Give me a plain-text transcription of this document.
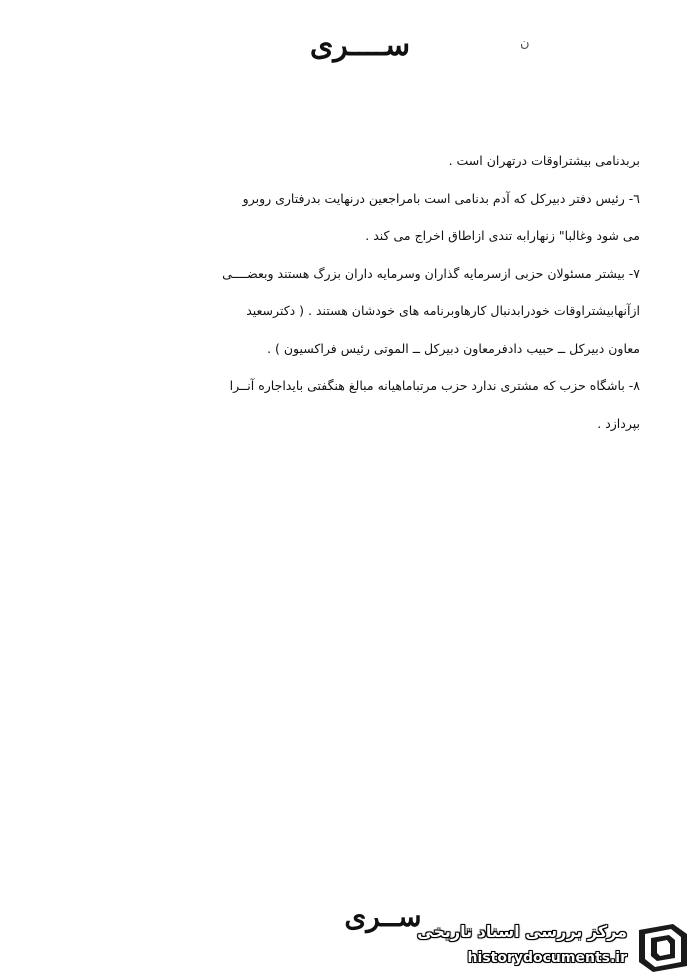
ســــری	ن
بربدنامی بیشتراوقات درتهران است .
٦- رئیس دفتر دبیرکل که آدم بدنامی است بامراجعین درنهایت بدرفتاری روبرو
می شود وغالبا" زنهارابه تندی ازاطاق اخراج می کند .
٧- بیشتر مسئولان حزبی ازسرمایه گذاران وسرمایه داران بزرگ هستند وبعضــــی
ازآنهابیشتراوقات خودرابدنبال کارهاوبرنامه های خودشان هستند . ( دکترسعید
معاون دبیرکل ــ حبیب دادفرمعاون دبیرکل ــ الموتی رئیس فراکسیون ) .
٨- باشگاه حزب که مشتری ندارد حزب مرتباماهیانه مبالغ هنگفتی بایداجاره آنــرا
بپردازد .
ســری
مرکز بررسی اسناد تاریخی
historydocuments.ir
